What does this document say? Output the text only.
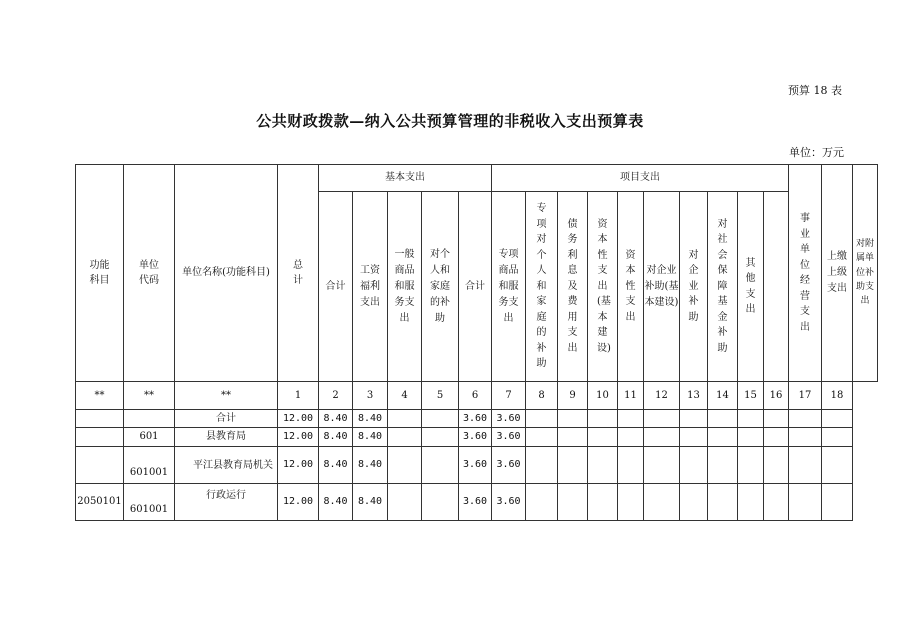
预算 18 表
公共财政拨款—纳入公共预算管理的非税收入支出预算表
单位：万元
功能科目	单位代码	单位名称(功能科目)	总计	基本支出					项目支出										事业单位经营支出	上缴上级支出	对附属单位补助支出
				合计	工资福利支出	一般商品和服务支出	对个人和家庭的补助	合计	专项商品和服务支出	专项对个人和家庭的补助	债务利息及费用支出	资本性支出(基本建设)	资本性支出	对企业补助(基本建设)	对企业补助	对社会保障基金补助	其他支出				
**	**	**	1	2	3	4	5	6	7	8	9	10	11	12	13	14	15	16	17	18	
		合计	12.00	8.40	8.40			3.60	3.60												
	601	县教育局	12.00	8.40	8.40			3.60	3.60												
	601001	平江县教育局机关	12.00	8.40	8.40			3.60	3.60												
2050101	601001	行政运行	12.00	8.40	8.40			3.60	3.60												
